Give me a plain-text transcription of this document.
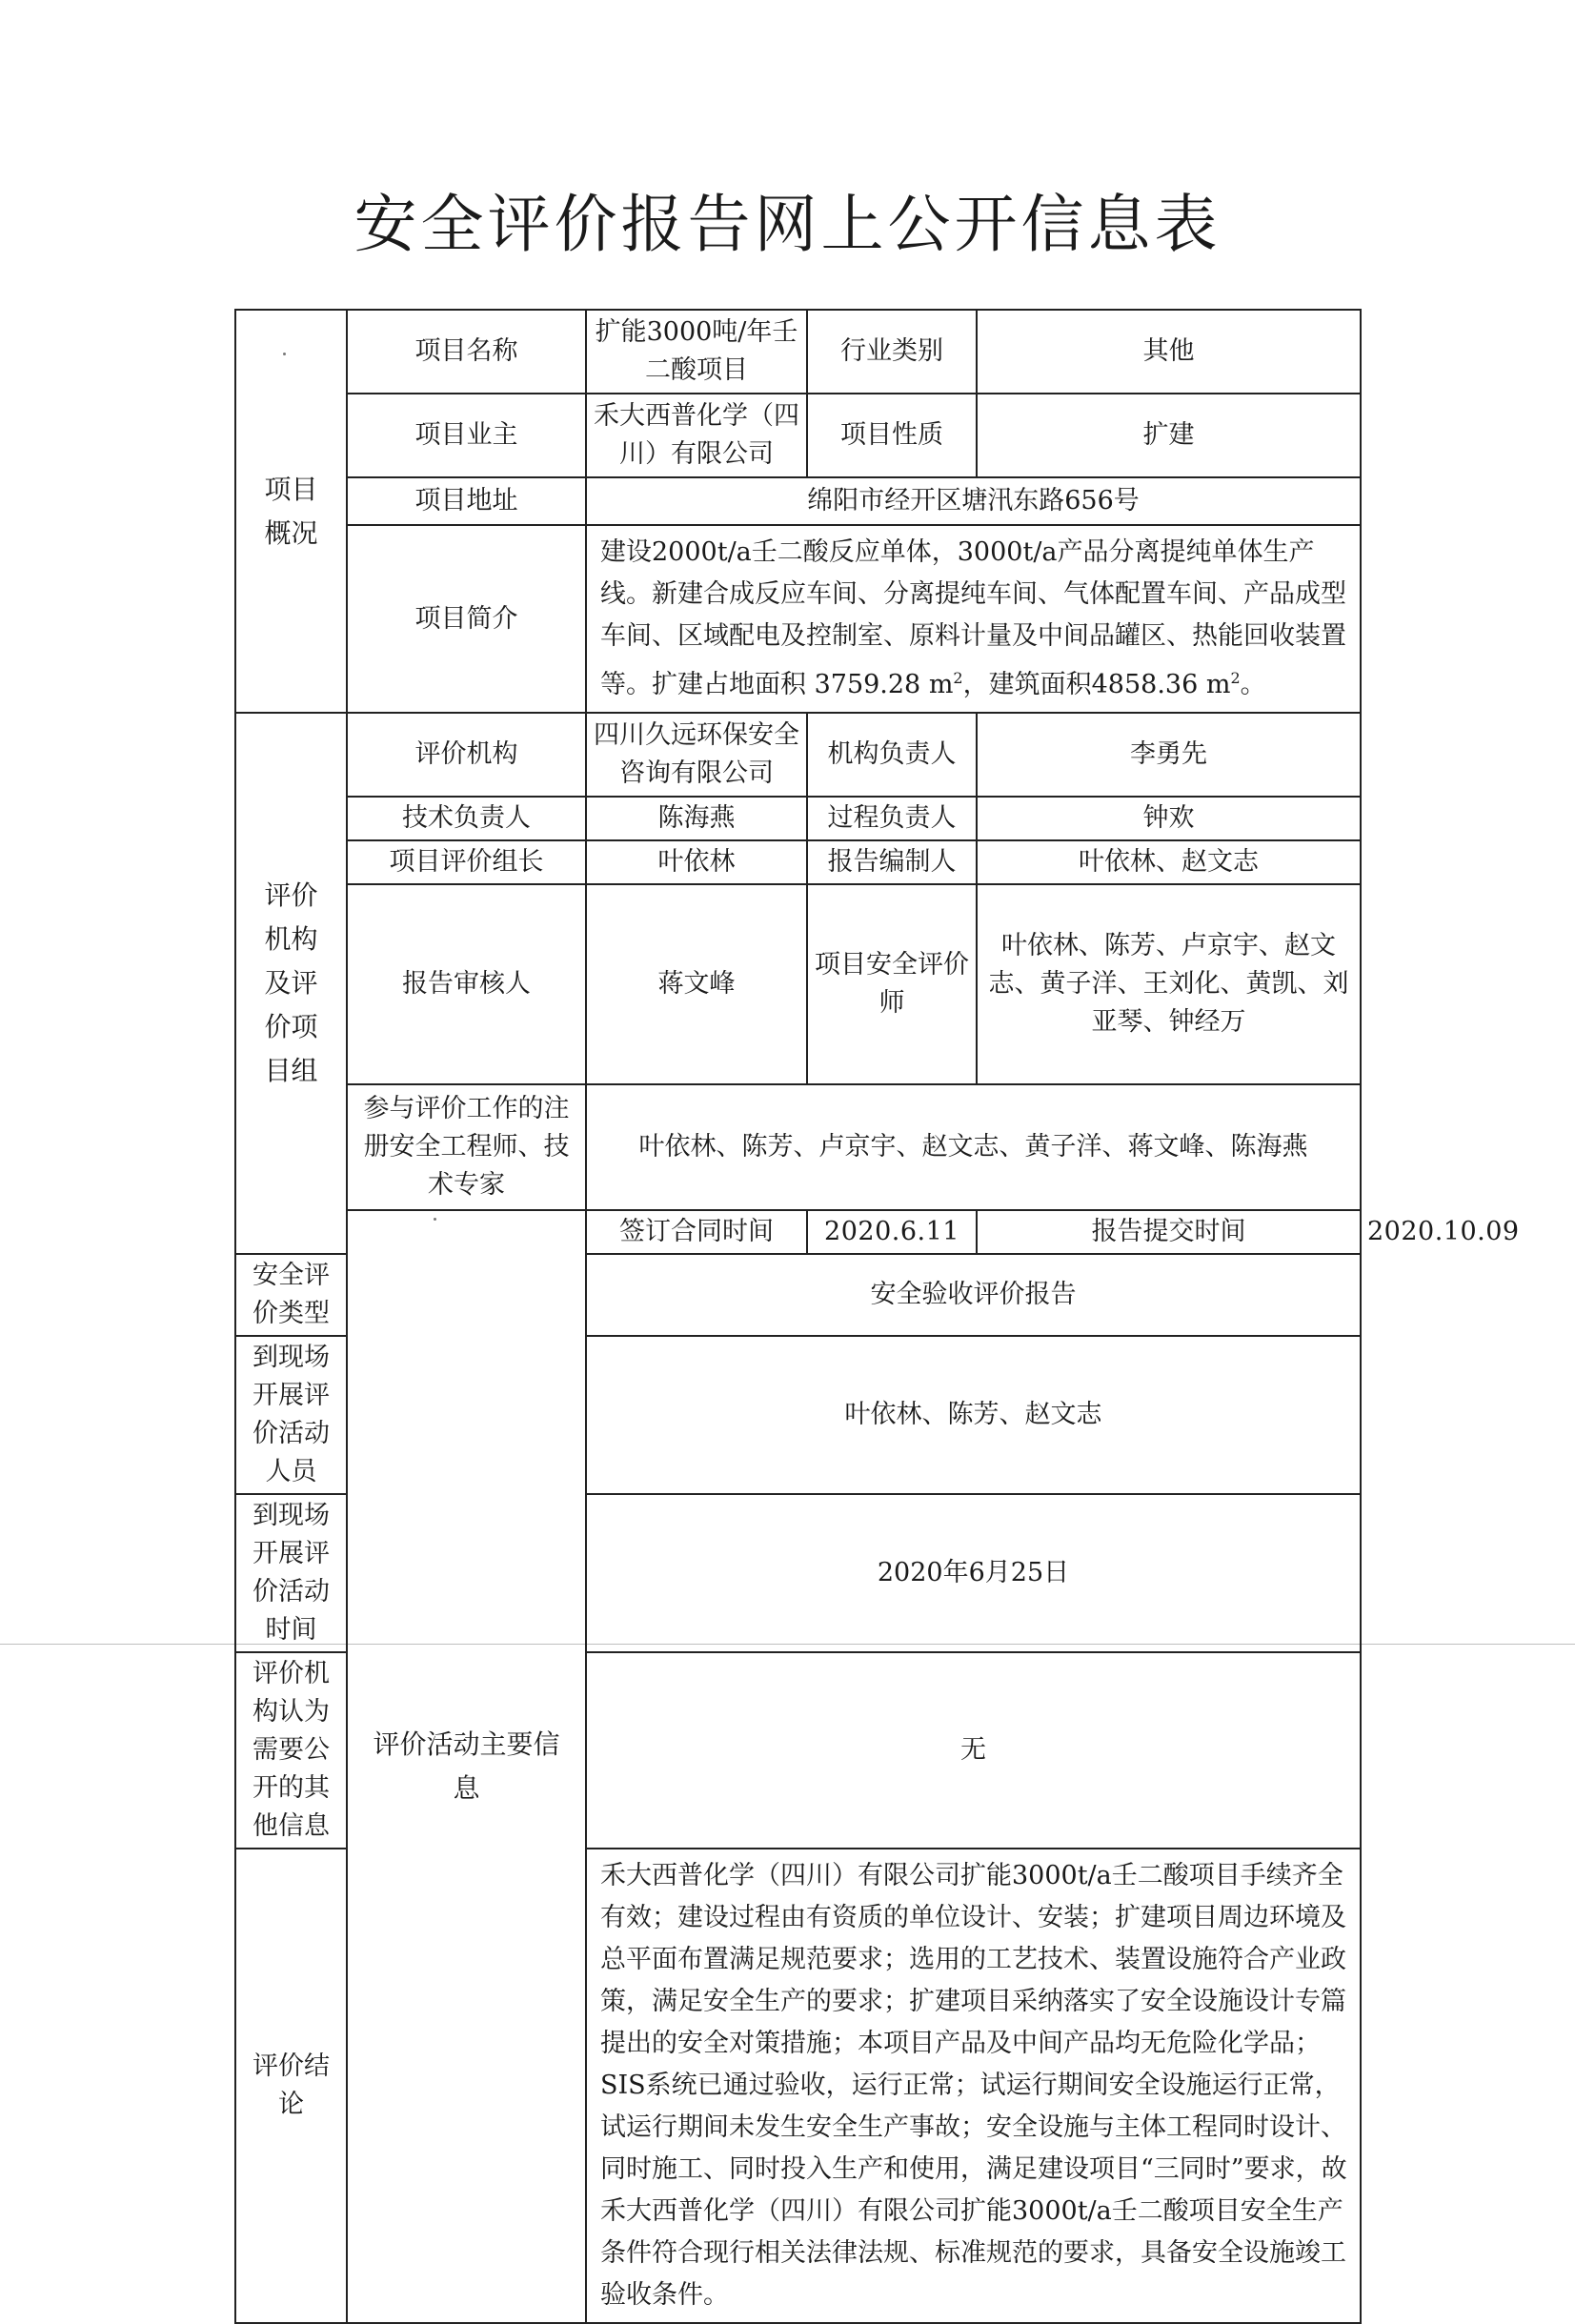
安全评价报告网上公开信息表
项目概况	项目名称	扩能3000吨/年壬二酸项目	行业类别	其他	
	项目业主	禾大西普化学（四川）有限公司	项目性质	扩建	
	项目地址	绵阳市经开区塘汛东路656号			
	项目简介	建设2000t/a壬二酸反应单体，3000t/a产品分离提纯单体生产线。新建合成反应车间、分离提纯车间、气体配置车间、产品成型车间、区域配电及控制室、原料计量及中间品罐区、热能回收装置等。扩建占地面积 3759.28 $m^2$，建筑面积4858.36 $m^2$。			
评价机构及评价项目组	评价机构	四川久远环保安全咨询有限公司	机构负责人	李勇先	
	技术负责人	陈海燕	过程负责人	钟欢	
	项目评价组长	叶依林	报告编制人	叶依林、赵文志	
	报告审核人	蒋文峰	项目安全评价师	叶依林、陈芳、卢京宇、赵文志、黄子洋、王刘化、黄凯、刘亚琴、钟经万	
	参与评价工作的注册安全工程师、技术专家	叶依林、陈芳、卢京宇、赵文志、黄子洋、蒋文峰、陈海燕			
	评价活动主要信息	签订合同时间	2020.6.11	报告提交时间	2020.10.09
安全评价类型		安全验收评价报告			
到现场开展评价活动人员		叶依林、陈芳、赵文志			
到现场开展评价活动时间		2020年6月25日			
评价机构认为需要公开的其他信息		无			
评价结论		禾大西普化学（四川）有限公司扩能3000t/a壬二酸项目手续齐全有效；建设过程由有资质的单位设计、安装；扩建项目周边环境及总平面布置满足规范要求；选用的工艺技术、装置设施符合产业政策，满足安全生产的要求；扩建项目采纳落实了安全设施设计专篇提出的安全对策措施；本项目产品及中间产品均无危险化学品；SIS系统已通过验收，运行正常；试运行期间安全设施运行正常，试运行期间未发生安全生产事故；安全设施与主体工程同时设计、同时施工、同时投入生产和使用，满足建设项目“三同时”要求，故禾大西普化学（四川）有限公司扩能3000t/a壬二酸项目安全生产条件符合现行相关法律法规、标准规范的要求，具备安全设施竣工验收条件。			
